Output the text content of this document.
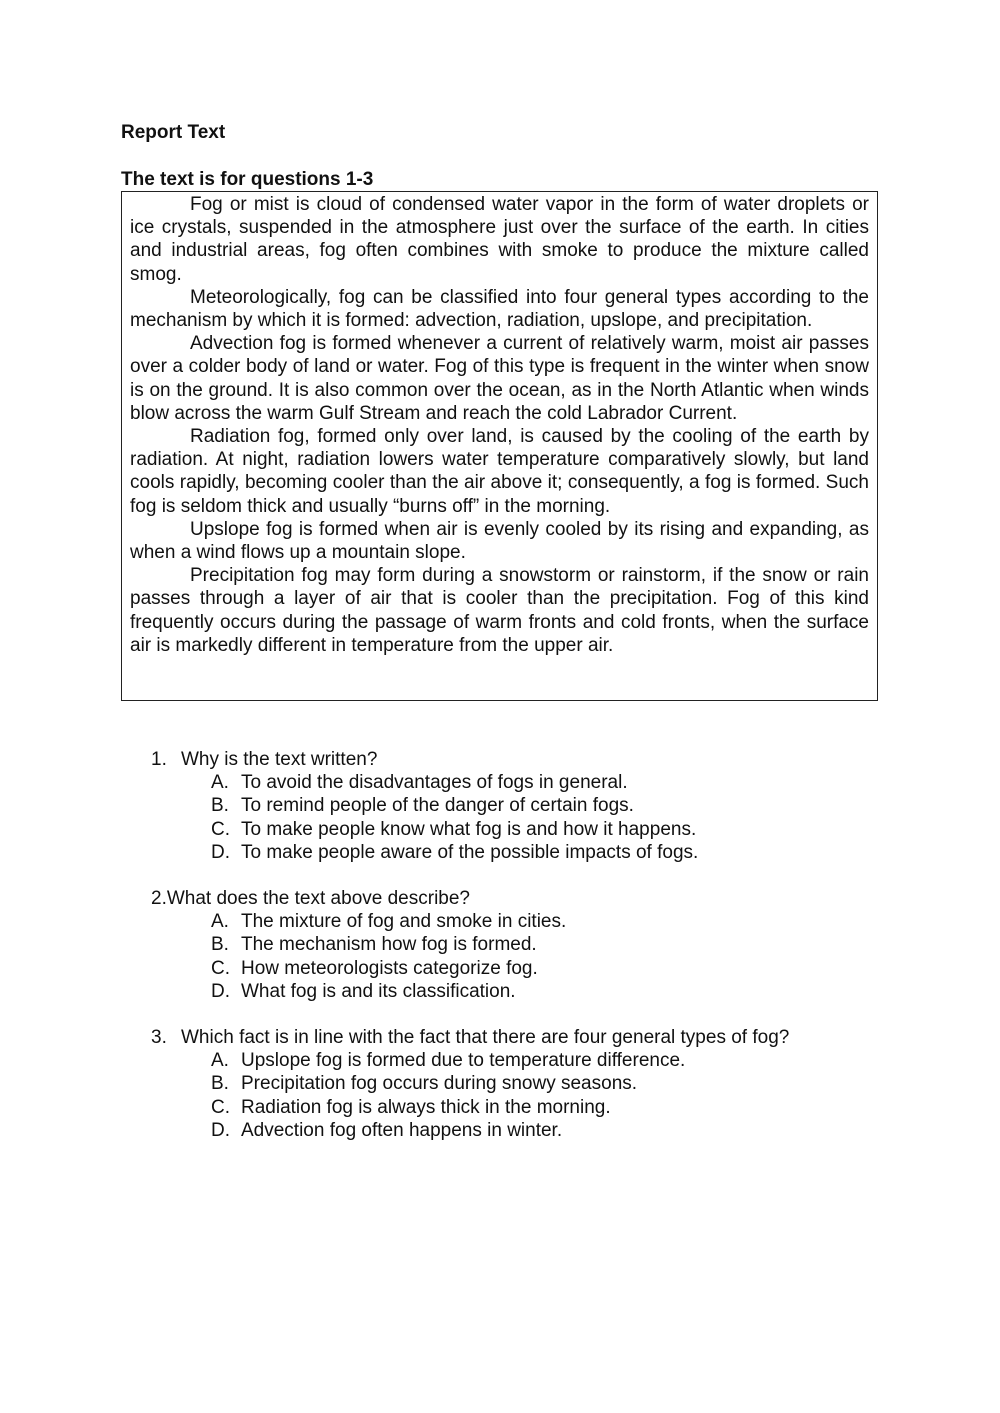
Report Text
The text is for questions 1-3

Fog or mist is cloud of condensed water vapor in the form of water droplets or ice crystals, suspended in the atmosphere just over the surface of the earth. In cities and industrial areas, fog often combines with smoke to produce the mixture called smog.

Meteorologically, fog can be classified into four general types according to the mechanism by which it is formed: advection, radiation, upslope, and precipitation.

Advection fog is formed whenever a current of relatively warm, moist air passes over a colder body of land or water. Fog of this type is frequent in the winter when snow is on the ground. It is also common over the ocean, as in the North Atlantic when winds blow across the warm Gulf Stream and reach the cold Labrador Current.

Radiation fog, formed only over land, is caused by the cooling of the earth by radiation. At night, radiation lowers water temperature comparatively slowly, but land cools rapidly, becoming cooler than the air above it; consequently, a fog is formed. Such fog is seldom thick and usually “burns off” in the morning.

Upslope fog is formed when air is evenly cooled by its rising and expanding, as when a wind flows up a mountain slope.

Precipitation fog may form during a snowstorm or rainstorm, if the snow or rain passes through a layer of air that is cooler than the precipitation. Fog of this kind frequently occurs during the passage of warm fronts and cold fronts, when the surface air is markedly different in temperature from the upper air.

1. Why is the text written?
A. To avoid the disadvantages of fogs in general.
B. To remind people of the danger of certain fogs.
C. To make people know what fog is and how it happens.
D. To make people aware of the possible impacts of fogs.
2. What does the text above describe?
A. The mixture of fog and smoke in cities.
B. The mechanism how fog is formed.
C. How meteorologists categorize fog.
D. What fog is and its classification.
3. Which fact is in line with the fact that there are four general types of fog?
A. Upslope fog is formed due to temperature difference.
B. Precipitation fog occurs during snowy seasons.
C. Radiation fog is always thick in the morning.
D. Advection fog often happens in winter.
